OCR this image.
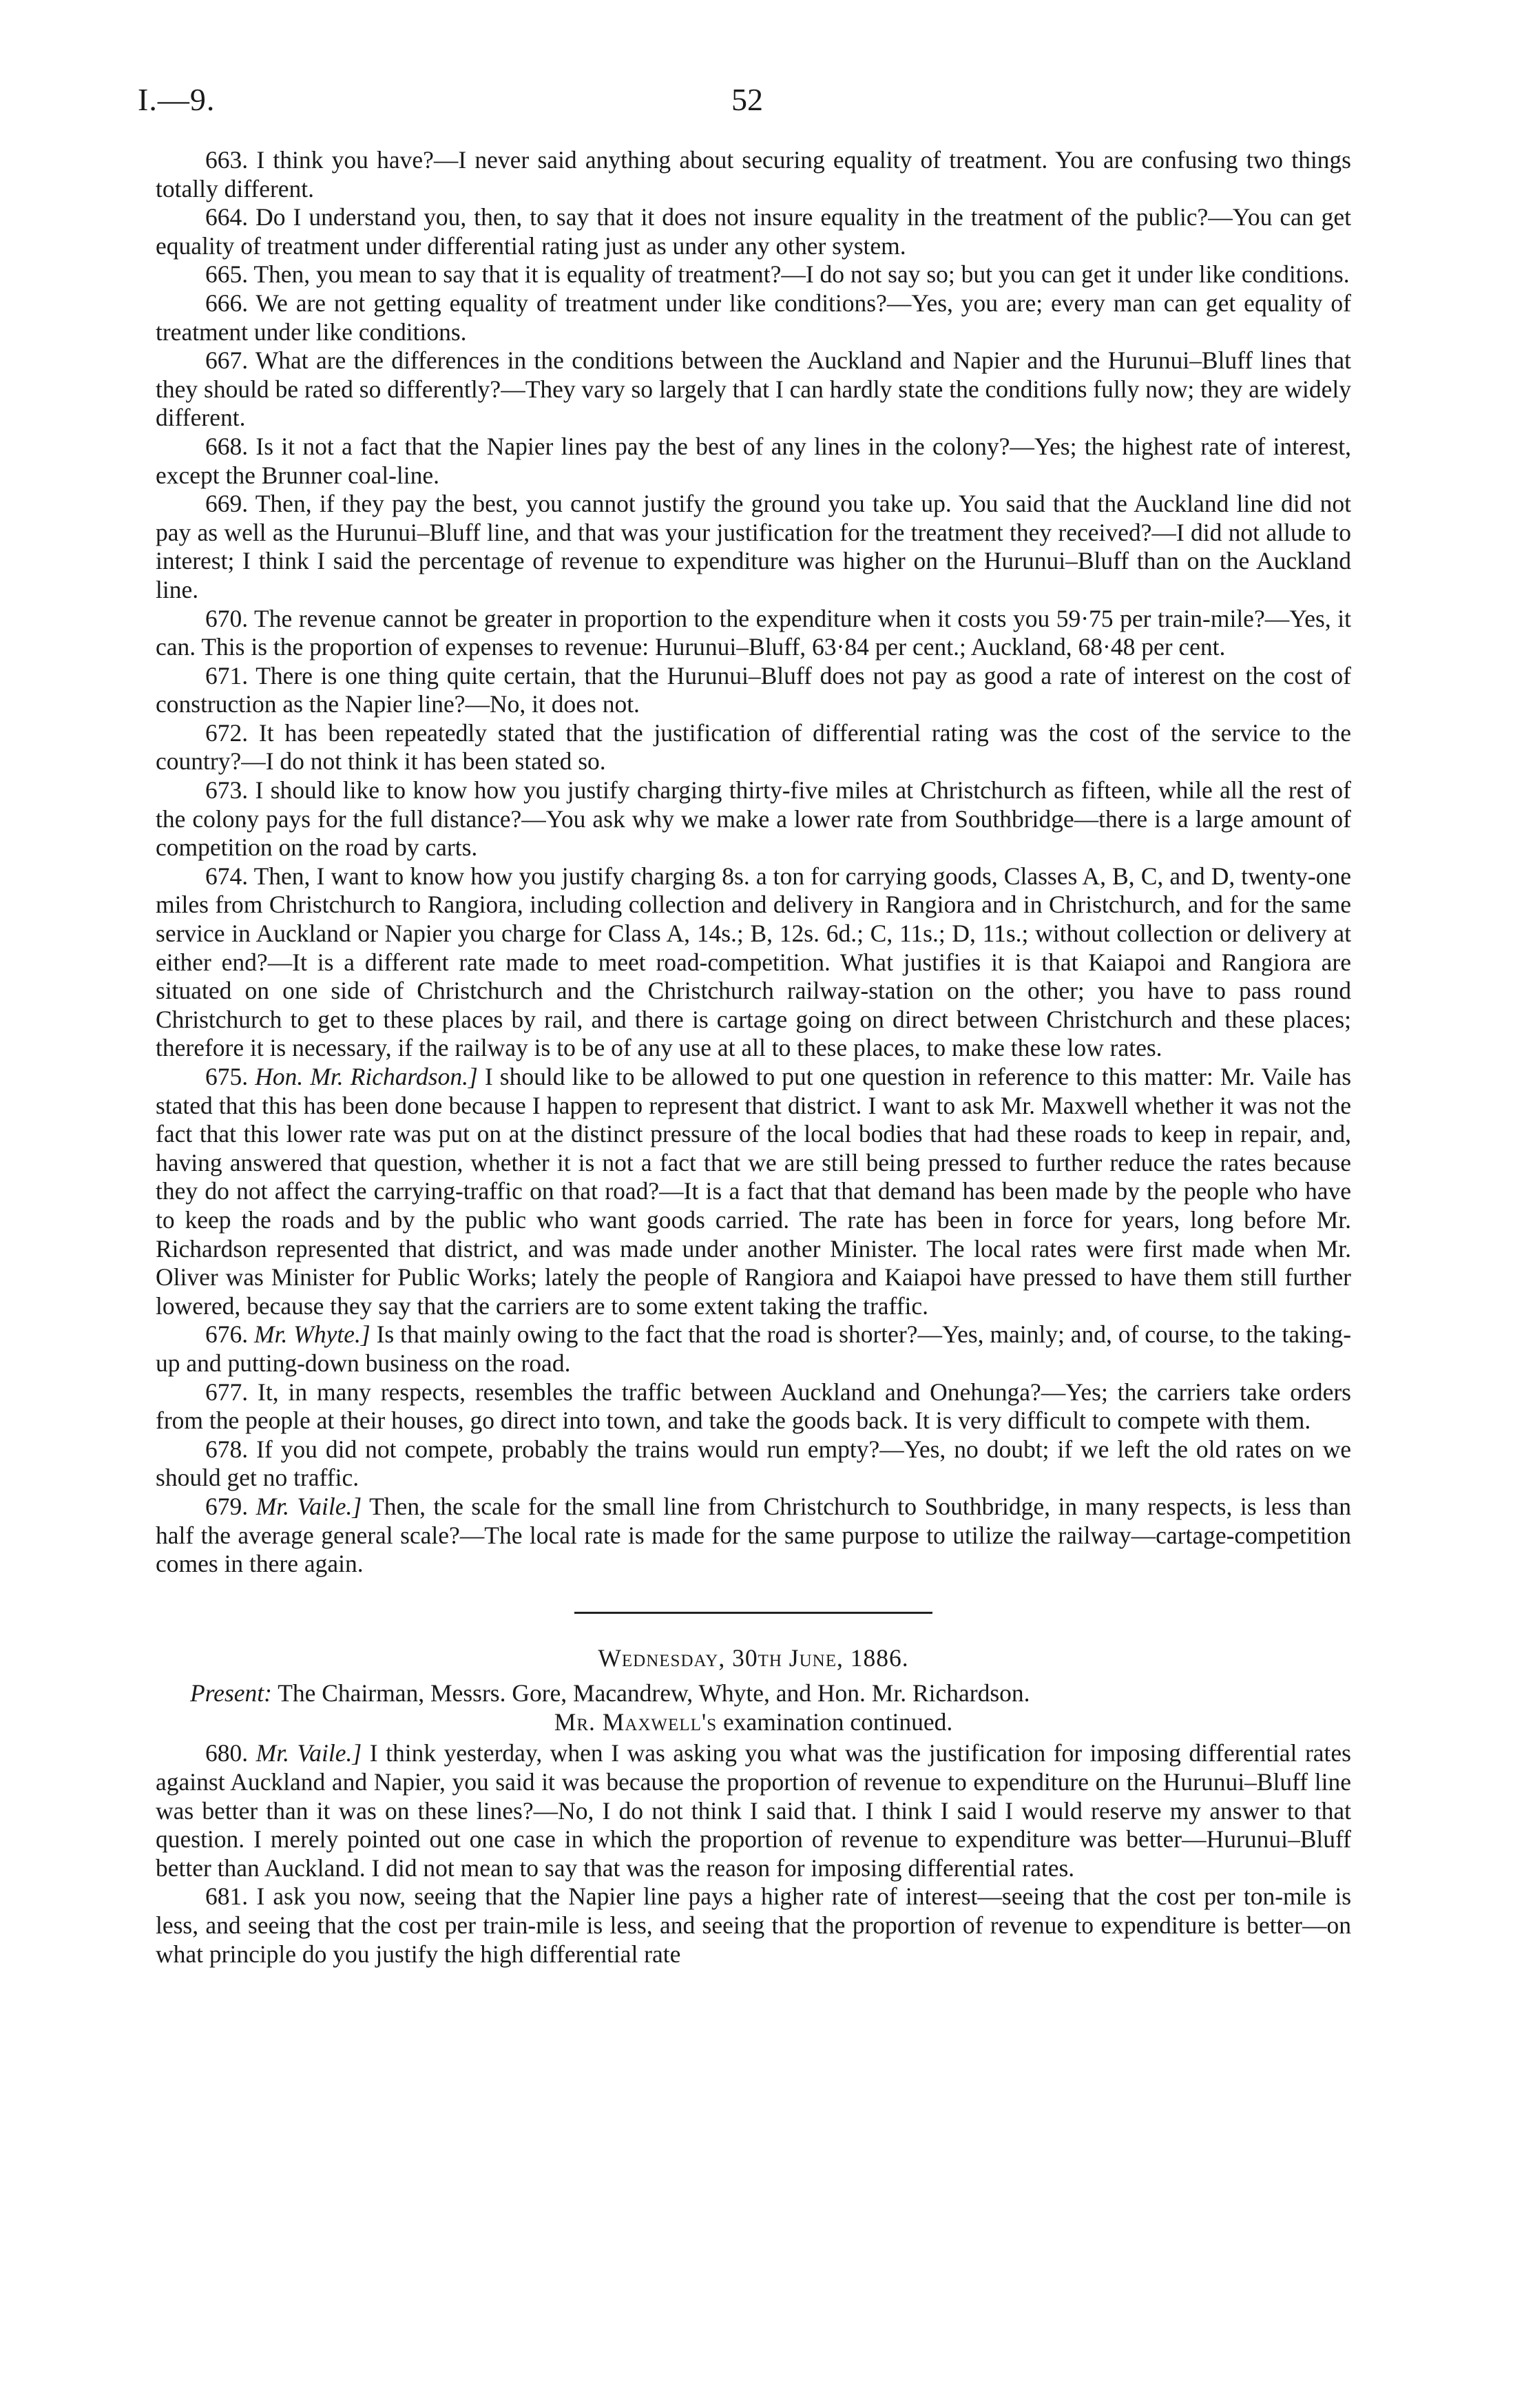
I.—9.	52

663. I think you have?—I never said anything about securing equality of treatment. You are confusing two things totally different.

664. Do I understand you, then, to say that it does not insure equality in the treatment of the public?—You can get equality of treatment under differential rating just as under any other system.

665. Then, you mean to say that it is equality of treatment?—I do not say so; but you can get it under like conditions.

666. We are not getting equality of treatment under like conditions?—Yes, you are; every man can get equality of treatment under like conditions.

667. What are the differences in the conditions between the Auckland and Napier and the Hurunui–Bluff lines that they should be rated so differently?—They vary so largely that I can hardly state the conditions fully now; they are widely different.

668. Is it not a fact that the Napier lines pay the best of any lines in the colony?—Yes; the highest rate of interest, except the Brunner coal-line.

669. Then, if they pay the best, you cannot justify the ground you take up. You said that the Auckland line did not pay as well as the Hurunui–Bluff line, and that was your justification for the treatment they received?—I did not allude to interest; I think I said the percentage of revenue to expenditure was higher on the Hurunui–Bluff than on the Auckland line.

670. The revenue cannot be greater in proportion to the expenditure when it costs you 59·75 per train-mile?—Yes, it can. This is the proportion of expenses to revenue: Hurunui–Bluff, 63·84 per cent.; Auckland, 68·48 per cent.

671. There is one thing quite certain, that the Hurunui–Bluff does not pay as good a rate of interest on the cost of construction as the Napier line?—No, it does not.

672. It has been repeatedly stated that the justification of differential rating was the cost of the service to the country?—I do not think it has been stated so.

673. I should like to know how you justify charging thirty-five miles at Christchurch as fifteen, while all the rest of the colony pays for the full distance?—You ask why we make a lower rate from Southbridge—there is a large amount of competition on the road by carts.

674. Then, I want to know how you justify charging 8s. a ton for carrying goods, Classes A, B, C, and D, twenty-one miles from Christchurch to Rangiora, including collection and delivery in Rangiora and in Christchurch, and for the same service in Auckland or Napier you charge for Class A, 14s.; B, 12s. 6d.; C, 11s.; D, 11s.; without collection or delivery at either end?—It is a different rate made to meet road-competition. What justifies it is that Kaiapoi and Rangiora are situated on one side of Christchurch and the Christchurch railway-station on the other; you have to pass round Christchurch to get to these places by rail, and there is cartage going on direct between Christchurch and these places; therefore it is necessary, if the railway is to be of any use at all to these places, to make these low rates.

675. Hon. Mr. Richardson.] I should like to be allowed to put one question in reference to this matter: Mr. Vaile has stated that this has been done because I happen to represent that district. I want to ask Mr. Maxwell whether it was not the fact that this lower rate was put on at the distinct pressure of the local bodies that had these roads to keep in repair, and, having answered that question, whether it is not a fact that we are still being pressed to further reduce the rates because they do not affect the carrying-traffic on that road?—It is a fact that that demand has been made by the people who have to keep the roads and by the public who want goods carried. The rate has been in force for years, long before Mr. Richardson represented that district, and was made under another Minister. The local rates were first made when Mr. Oliver was Minister for Public Works; lately the people of Rangiora and Kaiapoi have pressed to have them still further lowered, because they say that the carriers are to some extent taking the traffic.

676. Mr. Whyte.] Is that mainly owing to the fact that the road is shorter?—Yes, mainly; and, of course, to the taking-up and putting-down business on the road.

677. It, in many respects, resembles the traffic between Auckland and Onehunga?—Yes; the carriers take orders from the people at their houses, go direct into town, and take the goods back. It is very difficult to compete with them.

678. If you did not compete, probably the trains would run empty?—Yes, no doubt; if we left the old rates on we should get no traffic.

679. Mr. Vaile.] Then, the scale for the small line from Christchurch to Southbridge, in many respects, is less than half the average general scale?—The local rate is made for the same purpose to utilize the railway—cartage-competition comes in there again.

Wednesday, 30th June, 1886.

Present: The Chairman, Messrs. Gore, Macandrew, Whyte, and Hon. Mr. Richardson.

Mr. Maxwell's examination continued.

680. Mr. Vaile.] I think yesterday, when I was asking you what was the justification for imposing differential rates against Auckland and Napier, you said it was because the proportion of revenue to expenditure on the Hurunui–Bluff line was better than it was on these lines?—No, I do not think I said that. I think I said I would reserve my answer to that question. I merely pointed out one case in which the proportion of revenue to expenditure was better—Hurunui–Bluff better than Auckland. I did not mean to say that was the reason for imposing differential rates.

681. I ask you now, seeing that the Napier line pays a higher rate of interest—seeing that the cost per ton-mile is less, and seeing that the cost per train-mile is less, and seeing that the proportion of revenue to expenditure is better—on what principle do you justify the high differential rate
